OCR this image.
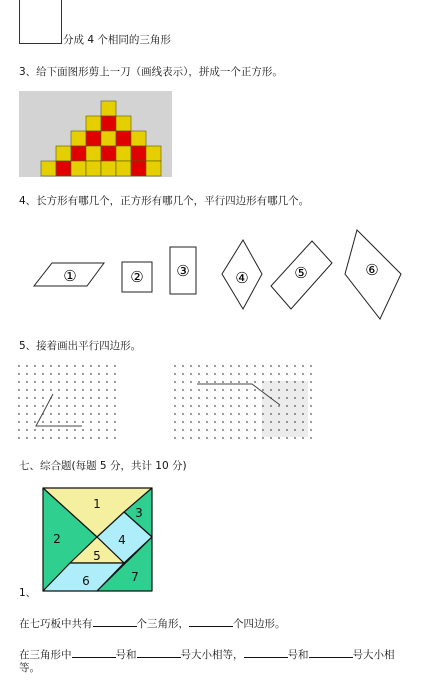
分成 4 个相同的三角形
3、给下面图形剪上一刀（画线表示），拼成一个正方形。
4、长方形有哪几个，正方形有哪几个，平行四边形有哪几个。
①	② ③	④	⑤	⑥
5、接着画出平行四边形。
七、综合题(每题 5 分，共计 10 分)
1
2
3
4
5
6	7
1、
在七巧板中共有	个三角形，	个四边形。
在三角形中	号和	号大小相等，	号和	号大小相
等。
